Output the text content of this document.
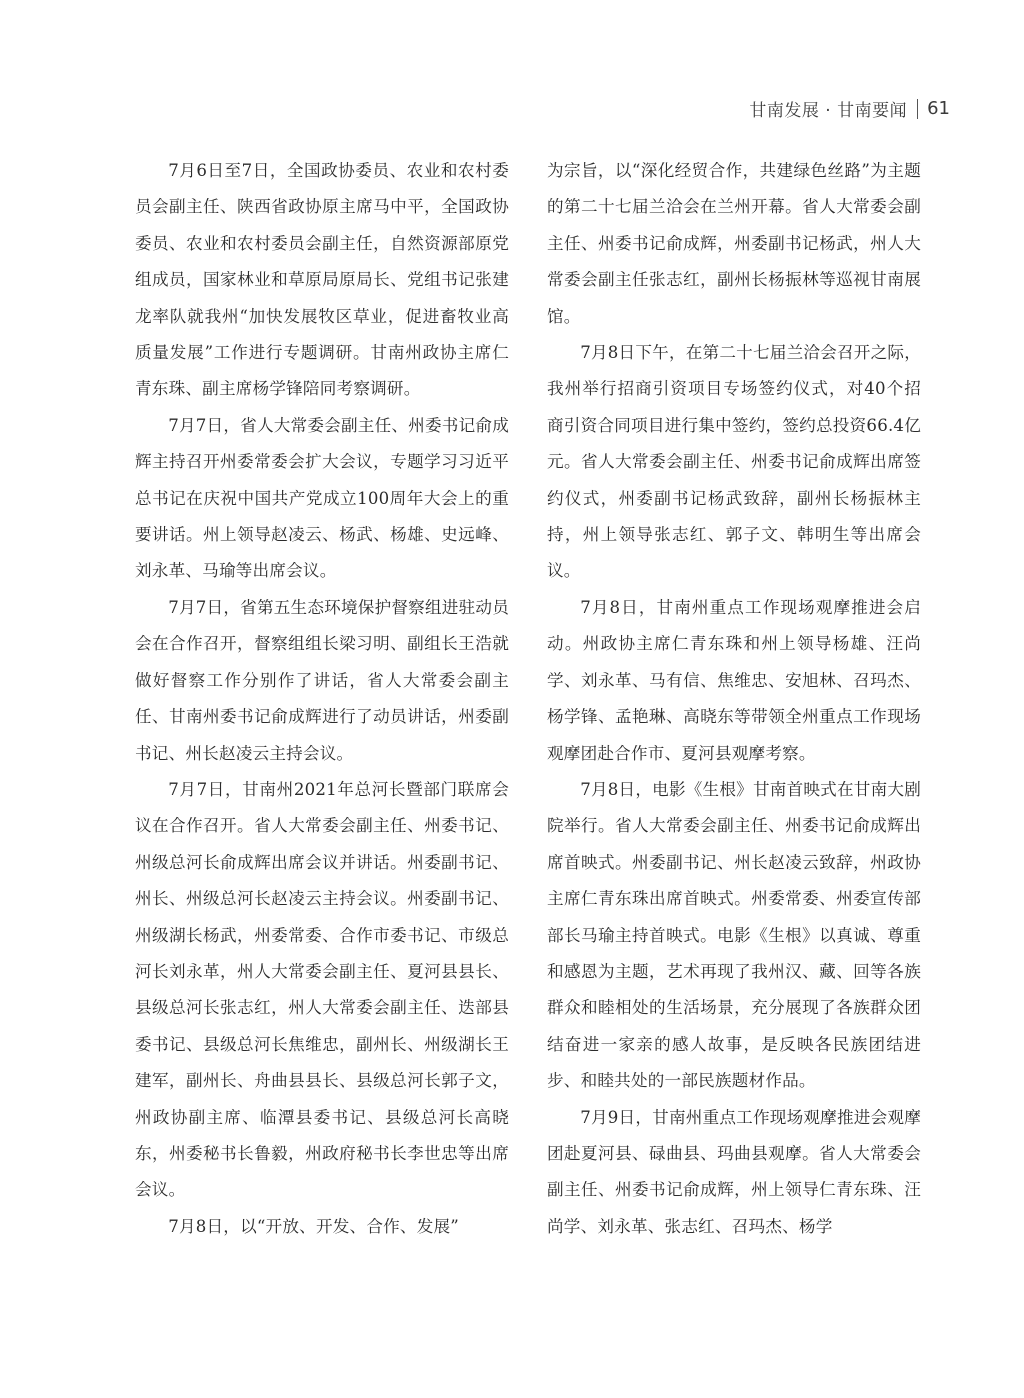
甘南发展 · 甘南要闻 61

7月6日至7日，全国政协委员、农业和农村委员会副主任、陕西省政协原主席马中平，全国政协委员、农业和农村委员会副主任，自然资源部原党组成员，国家林业和草原局原局长、党组书记张建龙率队就我州“加快发展牧区草业，促进畜牧业高质量发展”工作进行专题调研。甘南州政协主席仁青东珠、副主席杨学锋陪同考察调研。

7月7日，省人大常委会副主任、州委书记俞成辉主持召开州委常委会扩大会议，专题学习习近平总书记在庆祝中国共产党成立100周年大会上的重要讲话。州上领导赵凌云、杨武、杨雄、史远峰、刘永革、马瑜等出席会议。

7月7日，省第五生态环境保护督察组进驻动员会在合作召开，督察组组长梁习明、副组长王浩就做好督察工作分别作了讲话，省人大常委会副主任、甘南州委书记俞成辉进行了动员讲话，州委副书记、州长赵凌云主持会议。

7月7日，甘南州2021年总河长暨部门联席会议在合作召开。省人大常委会副主任、州委书记、州级总河长俞成辉出席会议并讲话。州委副书记、州长、州级总河长赵凌云主持会议。州委副书记、州级湖长杨武，州委常委、合作市委书记、市级总河长刘永革，州人大常委会副主任、夏河县县长、县级总河长张志红，州人大常委会副主任、迭部县委书记、县级总河长焦维忠，副州长、州级湖长王建军，副州长、舟曲县县长、县级总河长郭子文，州政协副主席、临潭县委书记、县级总河长高晓东，州委秘书长鲁毅，州政府秘书长李世忠等出席会议。

7月8日，以“开放、开发、合作、发展”

为宗旨，以“深化经贸合作，共建绿色丝路”为主题的第二十七届兰洽会在兰州开幕。省人大常委会副主任、州委书记俞成辉，州委副书记杨武，州人大常委会副主任张志红，副州长杨振林等巡视甘南展馆。

7月8日下午，在第二十七届兰洽会召开之际，我州举行招商引资项目专场签约仪式，对40个招商引资合同项目进行集中签约，签约总投资66.4亿元。省人大常委会副主任、州委书记俞成辉出席签约仪式，州委副书记杨武致辞，副州长杨振林主持，州上领导张志红、郭子文、韩明生等出席会议。

7月8日，甘南州重点工作现场观摩推进会启动。州政协主席仁青东珠和州上领导杨雄、汪尚学、刘永革、马有信、焦维忠、安旭林、召玛杰、杨学锋、孟艳琳、高晓东等带领全州重点工作现场观摩团赴合作市、夏河县观摩考察。

7月8日，电影《生根》甘南首映式在甘南大剧院举行。省人大常委会副主任、州委书记俞成辉出席首映式。州委副书记、州长赵凌云致辞，州政协主席仁青东珠出席首映式。州委常委、州委宣传部部长马瑜主持首映式。电影《生根》以真诚、尊重和感恩为主题，艺术再现了我州汉、藏、回等各族群众和睦相处的生活场景，充分展现了各族群众团结奋进一家亲的感人故事，是反映各民族团结进步、和睦共处的一部民族题材作品。

7月9日，甘南州重点工作现场观摩推进会观摩团赴夏河县、碌曲县、玛曲县观摩。省人大常委会副主任、州委书记俞成辉，州上领导仁青东珠、汪尚学、刘永革、张志红、召玛杰、杨学
